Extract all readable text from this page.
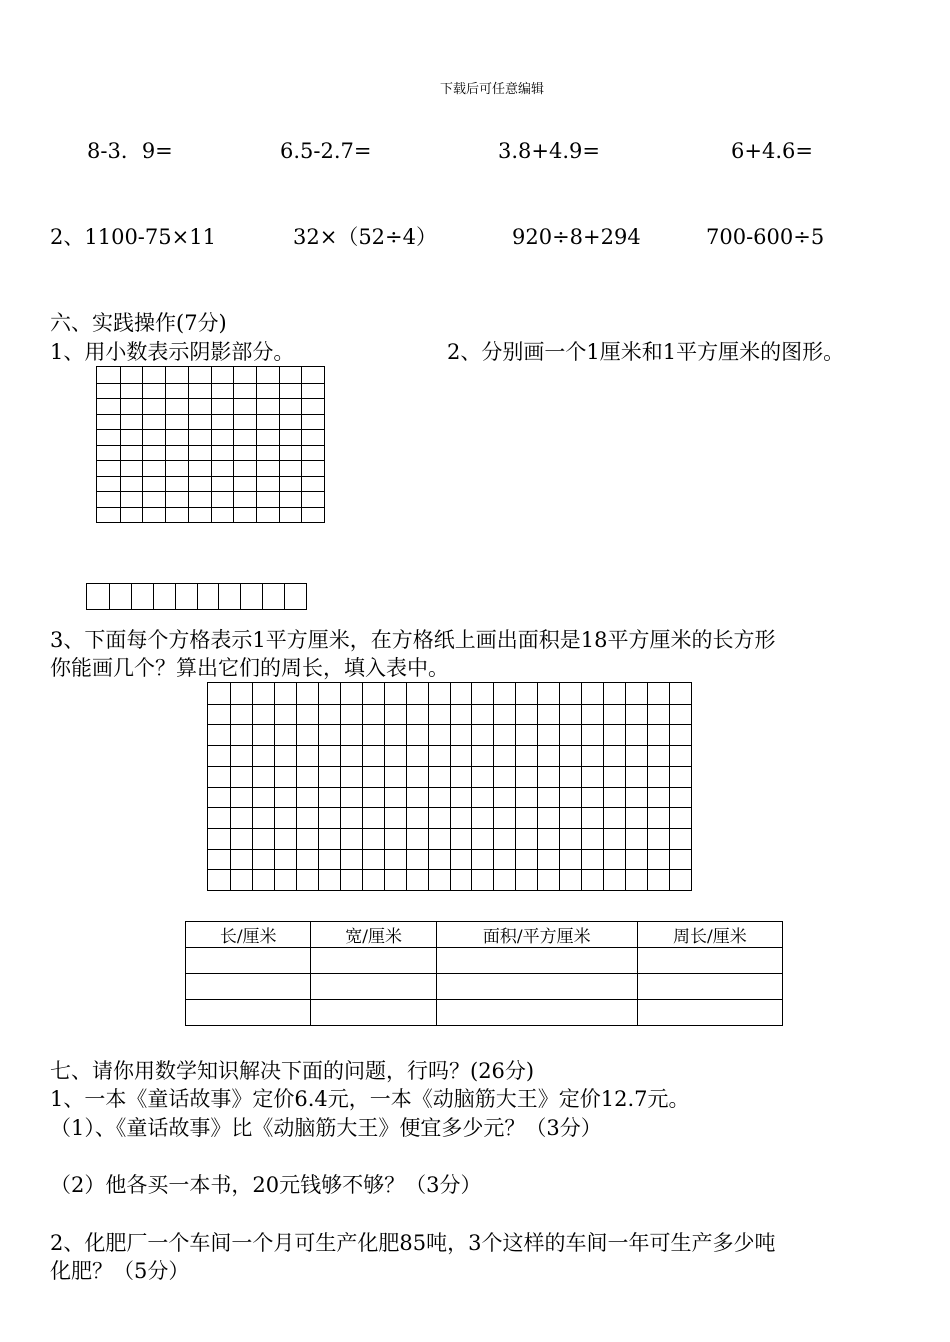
下载后可任意编辑
8-3．9=	6.5-2.7=	3.8+4.9=	6+4.6=
2、1100-75×11	32×（52÷4）	920÷8+294	700-600÷5
六、实践操作(7分)
1、用小数表示阴影部分。	2、分别画一个1厘米和1平方厘米的图形。
3、下面每个方格表示1平方厘米，在方格纸上画出面积是18平方厘米的长方形
你能画几个？算出它们的周长，填入表中。
长/厘米	宽/厘米	面积/平方厘米	周长/厘米

七、请你用数学知识解决下面的问题，行吗？(26分)
1、一本《童话故事》定价6.4元，一本《动脑筋大王》定价12.7元。
（1）、《童话故事》比《动脑筋大王》便宜多少元？（3分）
（2）他各买一本书，20元钱够不够？（3分）
2、化肥厂一个车间一个月可生产化肥85吨，3个这样的车间一年可生产多少吨
化肥？（5分）
